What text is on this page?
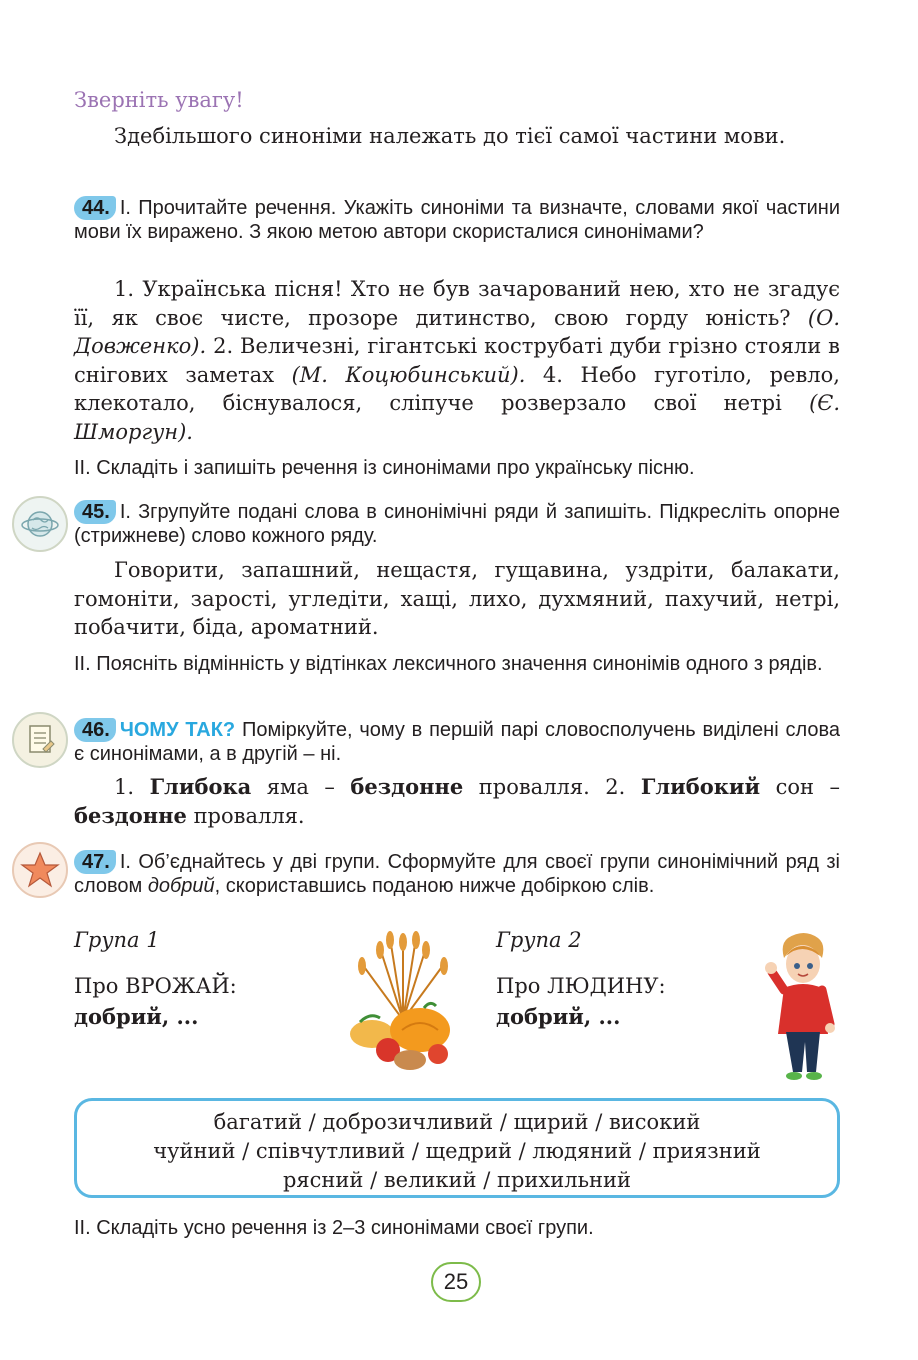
Зверніть увагу!
Здебільшого синоніми належать до тієї самої частини мови.
44. І. Прочитайте речення. Укажіть синоніми та визначте, словами якої частини мови їх виражено. З якою метою автори скористалися синонімами?
1. Українська пісня! Хто не був зачарований нею, хто не згадує її, як своє чисте, прозоре дитинство, свою горду юність? (О. Довженко). 2. Величезні, гігантські кострубаті дуби грізно стояли в снігових заметах (М. Коцюбинський). 4. Небо гуготіло, ревло, клекотало, біснувалося, сліпуче розверзало свої нетрі (Є. Шморгун).
ІІ. Складіть і запишіть речення із синонімами про українську пісню.
45. І. Згрупуйте подані слова в синонімічні ряди й запишіть. Підкресліть опорне (стрижневе) слово кожного ряду.
Говорити, запашний, нещастя, гущавина, уздріти, балакати, гомоніти, зарості, угледіти, хащі, лихо, духмяний, пахучий, нетрі, побачити, біда, ароматний.
ІІ. Поясніть відмінність у відтінках лексичного значення синонімів одного з рядів.
46. ЧОМУ ТАК? Поміркуйте, чому в першій парі словосполучень виділені слова є синонімами, а в другій – ні.
1. Глибока яма – бездонне провалля. 2. Глибокий сон – бездонне провалля.
47. І. Об’єднайтесь у дві групи. Сформуйте для своєї групи синонімічний ряд зі словом добрий, скориставшись поданою нижче добіркою слів.
Група 1
Про ВРОЖАЙ:
добрий, ...
Група 2
Про ЛЮДИНУ:
добрий, ...
багатий / доброзичливий / щирий / високий
чуйний / співчутливий / щедрий / людяний / приязний
рясний / великий / прихильний
ІІ. Складіть усно речення із 2–3 синонімами своєї групи.
25
